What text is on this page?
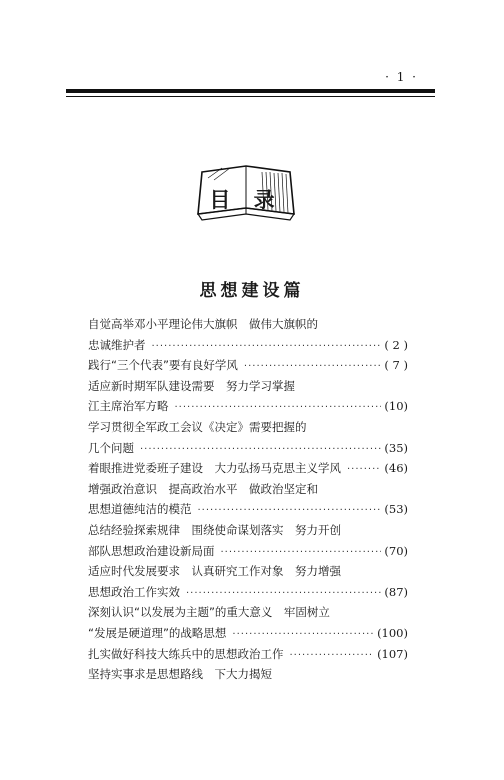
· 1 ·
目 录
思想建设篇
自觉高举邓小平理论伟大旗帜　做伟大旗帜的
忠诚维护者 ·····	( 2 )
践行“三个代表”要有良好学风 ·····	( 7 )
适应新时期军队建设需要　努力学习掌握
江主席治军方略 ·····	(10)
学习贯彻全军政工会议《决定》需要把握的
几个问题 ·····	(35)
着眼推进党委班子建设　大力弘扬马克思主义学风 ·····	(46)
增强政治意识　提高政治水平　做政治坚定和
思想道德纯洁的模范 ·····	(53)
总结经验探索规律　围绕使命谋划落实　努力开创
部队思想政治建设新局面 ·····	(70)
适应时代发展要求　认真研究工作对象　努力增强
思想政治工作实效 ·····	(87)
深刻认识“以发展为主题”的重大意义　牢固树立
“发展是硬道理”的战略思想 ·····	(100)
扎实做好科技大练兵中的思想政治工作 ·····	(107)
坚持实事求是思想路线　下大力揭短
